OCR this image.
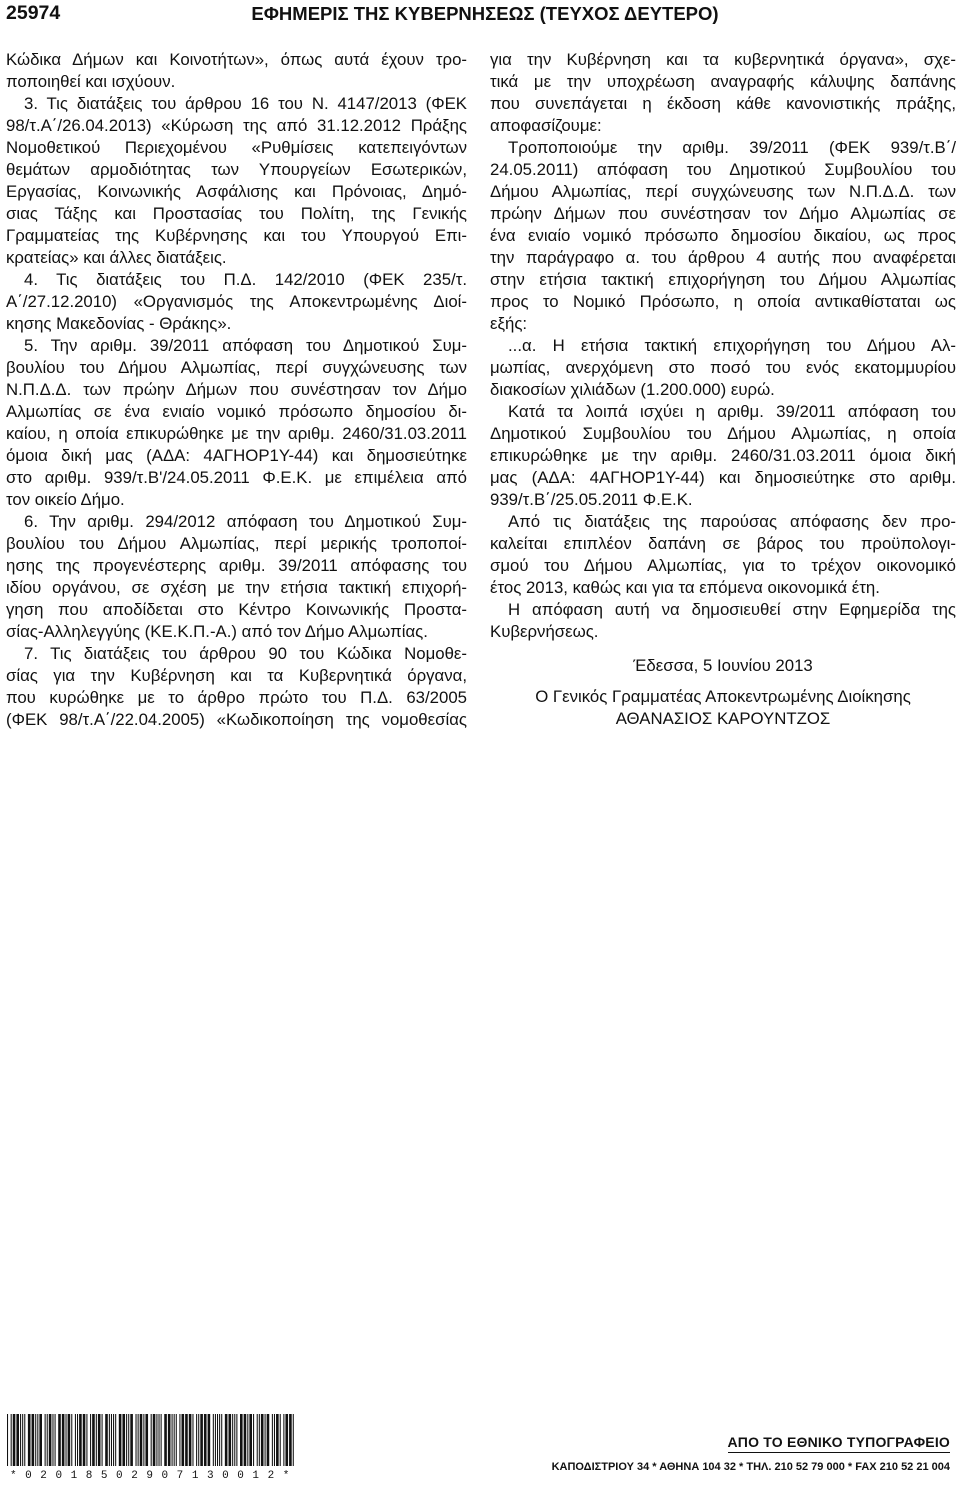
25974	ΕΦΗΜΕΡΙΣ ΤΗΣ ΚΥΒΕΡΝΗΣΕΩΣ (ΤΕΥΧΟΣ ΔΕΥΤΕΡΟ)
Κώδικα Δήμων και Κοινοτήτων», όπως αυτά έχουν τρο-
ποποιηθεί και ισχύουν.
3. Τις διατάξεις του άρθρου 16 του Ν. 4147/2013 (ΦΕΚ
98/τ.Α΄/26.04.2013) «Κύρωση της από 31.12.2012 Πράξης
Νομοθετικού Περιεχομένου «Ρυθμίσεις κατεπειγόντων
θεμάτων αρμοδιότητας των Υπουργείων Εσωτερικών,
Εργασίας, Κοινωνικής Ασφάλισης και Πρόνοιας, Δημό-
σιας Τάξης και Προστασίας του Πολίτη, της Γενικής
Γραμματείας της Κυβέρνησης και του Υπουργού Επι-
κρατείας» και άλλες διατάξεις.
4. Τις διατάξεις του Π.Δ. 142/2010 (ΦΕΚ 235/τ.
Α΄/27.12.2010) «Οργανισμός της Αποκεντρωμένης Διοί-
κησης Μακεδονίας - Θράκης».
5. Την αριθμ. 39/2011 απόφαση του Δημοτικού Συμ-
βουλίου του Δήμου Αλμωπίας, περί συγχώνευσης των
Ν.Π.Δ.Δ. των πρώην Δήμων που συνέστησαν τον Δήμο
Αλμωπίας σε ένα ενιαίο νομικό πρόσωπο δημοσίου δι-
καίου, η οποία επικυρώθηκε με την αριθμ. 2460/31.03.2011
όμοια δική μας (ΑΔΑ: 4ΑΓΗΟΡ1Υ-44) και δημοσιεύτηκε
στο αριθμ. 939/τ.Β'/24.05.2011 Φ.Ε.Κ. με επιμέλεια από
τον οικείο Δήμο.
6. Την αριθμ. 294/2012 απόφαση του Δημοτικού Συμ-
βουλίου του Δήμου Αλμωπίας, περί μερικής τροποποί-
ησης της προγενέστερης αριθμ. 39/2011 απόφασης του
ιδίου οργάνου, σε σχέση με την ετήσια τακτική επιχορή-
γηση που αποδίδεται στο Κέντρο Κοινωνικής Προστα-
σίας-Αλληλεγγύης (ΚΕ.Κ.Π.-Α.) από τον Δήμο Αλμωπίας.
7. Τις διατάξεις του άρθρου 90 του Κώδικα Νομοθε-
σίας για την Κυβέρνηση και τα Κυβερνητικά όργανα,
που κυρώθηκε με το άρθρο πρώτο του Π.Δ. 63/2005
(ΦΕΚ 98/τ.Α΄/22.04.2005) «Κωδικοποίηση της νομοθεσίας
για την Κυβέρνηση και τα κυβερνητικά όργανα», σχε-
τικά με την υποχρέωση αναγραφής κάλυψης δαπάνης
που συνεπάγεται η έκδοση κάθε κανονιστικής πράξης,
αποφασίζουμε:
Τροποποιούμε την αριθμ. 39/2011 (ΦΕΚ 939/τ.Β΄/
24.05.2011) απόφαση του Δημοτικού Συμβουλίου του
Δήμου Αλμωπίας, περί συγχώνευσης των Ν.Π.Δ.Δ. των
πρώην Δήμων που συνέστησαν τον Δήμο Αλμωπίας σε
ένα ενιαίο νομικό πρόσωπο δημοσίου δικαίου, ως προς
την παράγραφο α. του άρθρου 4 αυτής που αναφέρεται
στην ετήσια τακτική επιχορήγηση του Δήμου Αλμωπίας
προς το Νομικό Πρόσωπο, η οποία αντικαθίσταται ως
εξής:
...α. Η ετήσια τακτική επιχορήγηση του Δήμου Αλ-
μωπίας, ανερχόμενη στο ποσό του ενός εκατομμυρίου
διακοσίων χιλιάδων (1.200.000) ευρώ.
Κατά τα λοιπά ισχύει η αριθμ. 39/2011 απόφαση του
Δημοτικού Συμβουλίου του Δήμου Αλμωπίας, η οποία
επικυρώθηκε με την αριθμ. 2460/31.03.2011 όμοια δική
μας (ΑΔΑ: 4ΑΓΗΟΡ1Υ-44) και δημοσιεύτηκε στο αριθμ.
939/τ.Β΄/25.05.2011 Φ.Ε.Κ.
Από τις διατάξεις της παρούσας απόφασης δεν προ-
καλείται επιπλέον δαπάνη σε βάρος του προϋπολογι-
σμού του Δήμου Αλμωπίας, για το τρέχον οικονομικό
έτος 2013, καθώς και για τα επόμενα οικονομικά έτη.
Η απόφαση αυτή να δημοσιευθεί στην Εφημερίδα της
Κυβερνήσεως.
Έδεσσα, 5 Ιουνίου 2013
Ο Γενικός Γραμματέας Αποκεντρωμένης Διοίκησης
ΑΘΑΝΑΣΙΟΣ ΚΑΡΟΥΝΤΖΟΣ
*02018502907130012*
ΑΠΟ ΤΟ ΕΘΝΙΚΟ ΤΥΠΟΓΡΑΦΕΙΟ
ΚΑΠΟΔΙΣΤΡΙΟΥ 34 * ΑΘΗΝΑ 104 32 * ΤΗΛ. 210 52 79 000 * FAX 210 52 21 004
